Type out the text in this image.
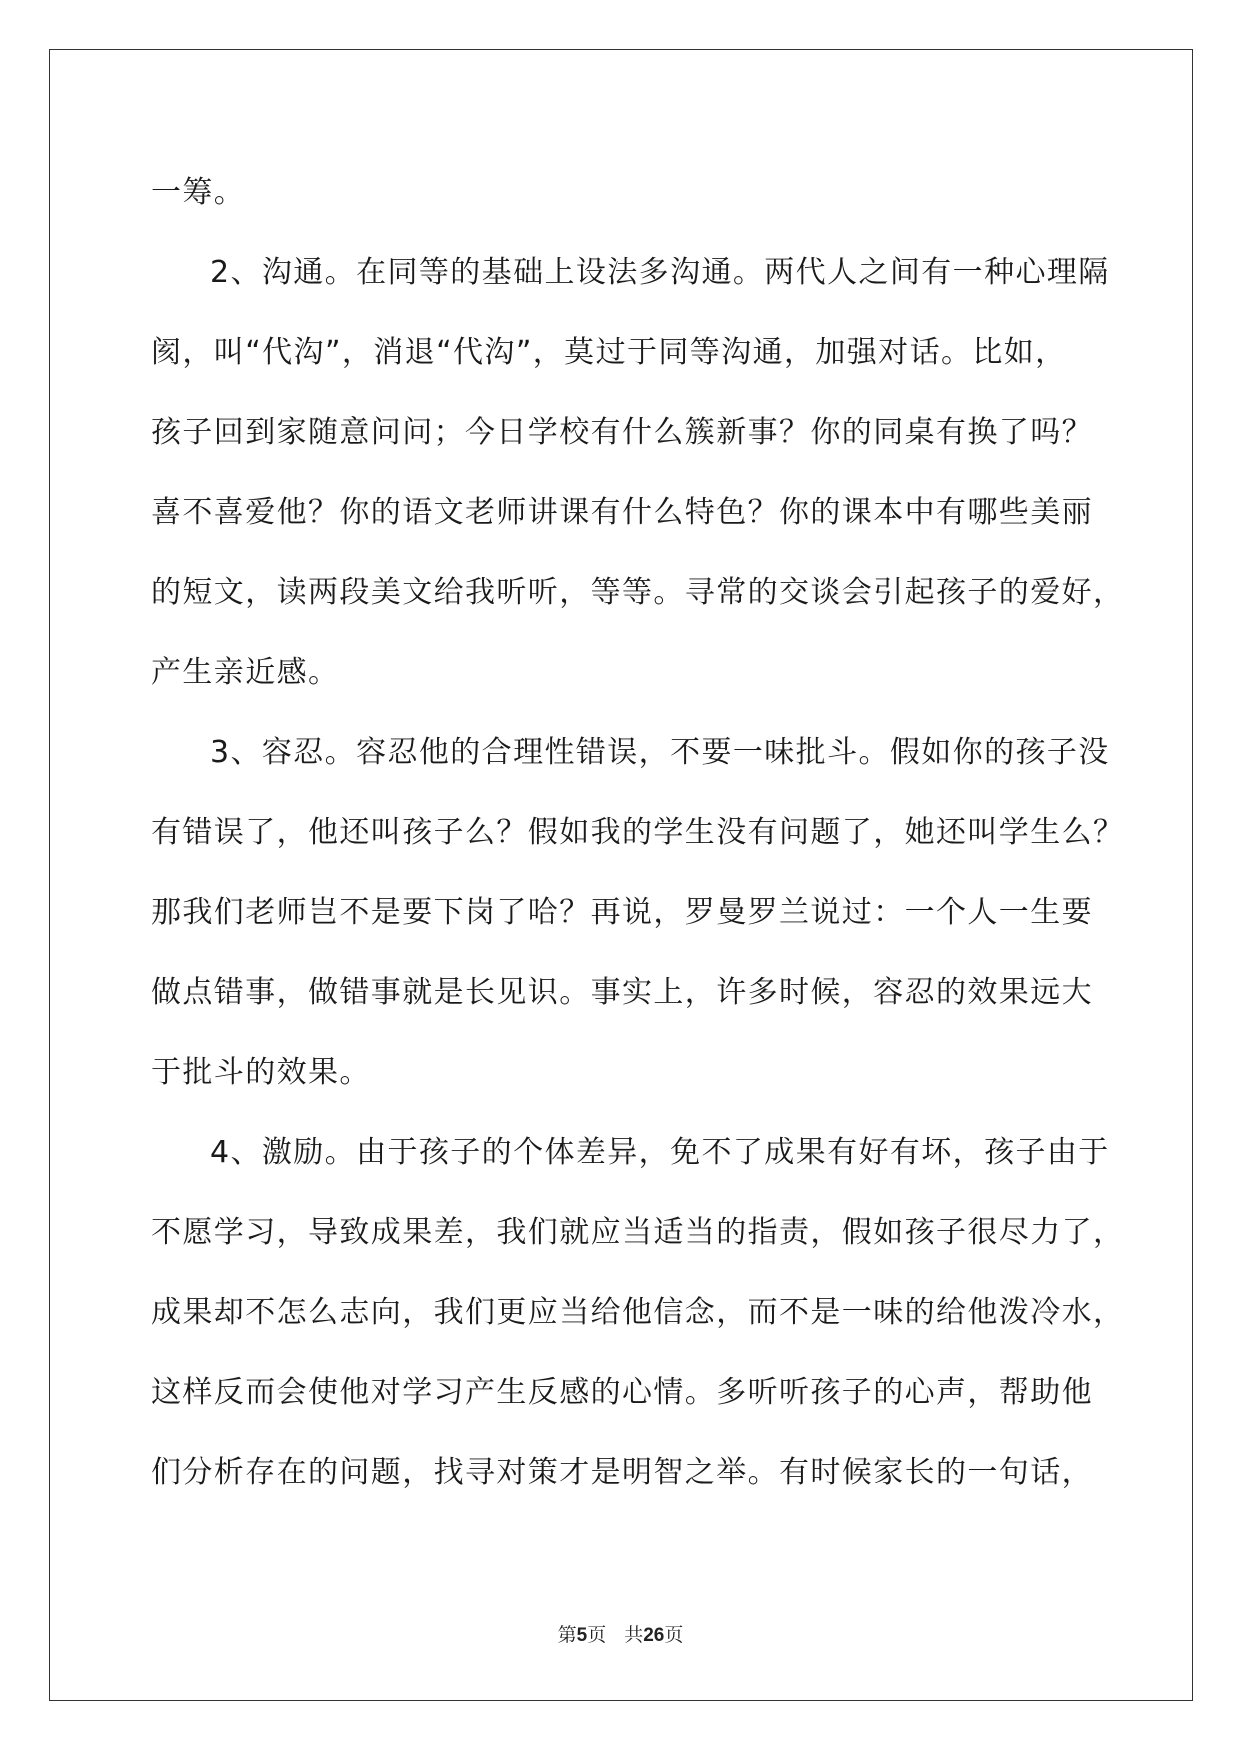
一筹。
2、沟通。在同等的基础上设法多沟通。两代人之间有一种心理隔
阂，叫“代沟”，消退“代沟”，莫过于同等沟通，加强对话。比如，
孩子回到家随意问问；今日学校有什么簇新事？你的同桌有换了吗？
喜不喜爱他？你的语文老师讲课有什么特色？你的课本中有哪些美丽
的短文，读两段美文给我听听，等等。寻常的交谈会引起孩子的爱好，
产生亲近感。
3、容忍。容忍他的合理性错误，不要一味批斗。假如你的孩子没
有错误了，他还叫孩子么？假如我的学生没有问题了，她还叫学生么？
那我们老师岂不是要下岗了哈？再说，罗曼罗兰说过：一个人一生要
做点错事，做错事就是长见识。事实上，许多时候，容忍的效果远大
于批斗的效果。
4、激励。由于孩子的个体差异，免不了成果有好有坏，孩子由于
不愿学习，导致成果差，我们就应当适当的指责，假如孩子很尽力了，
成果却不怎么志向，我们更应当给他信念，而不是一味的给他泼冷水，
这样反而会使他对学习产生反感的心情。多听听孩子的心声，帮助他
们分析存在的问题，找寻对策才是明智之举。有时候家长的一句话，
第5页 共26页
